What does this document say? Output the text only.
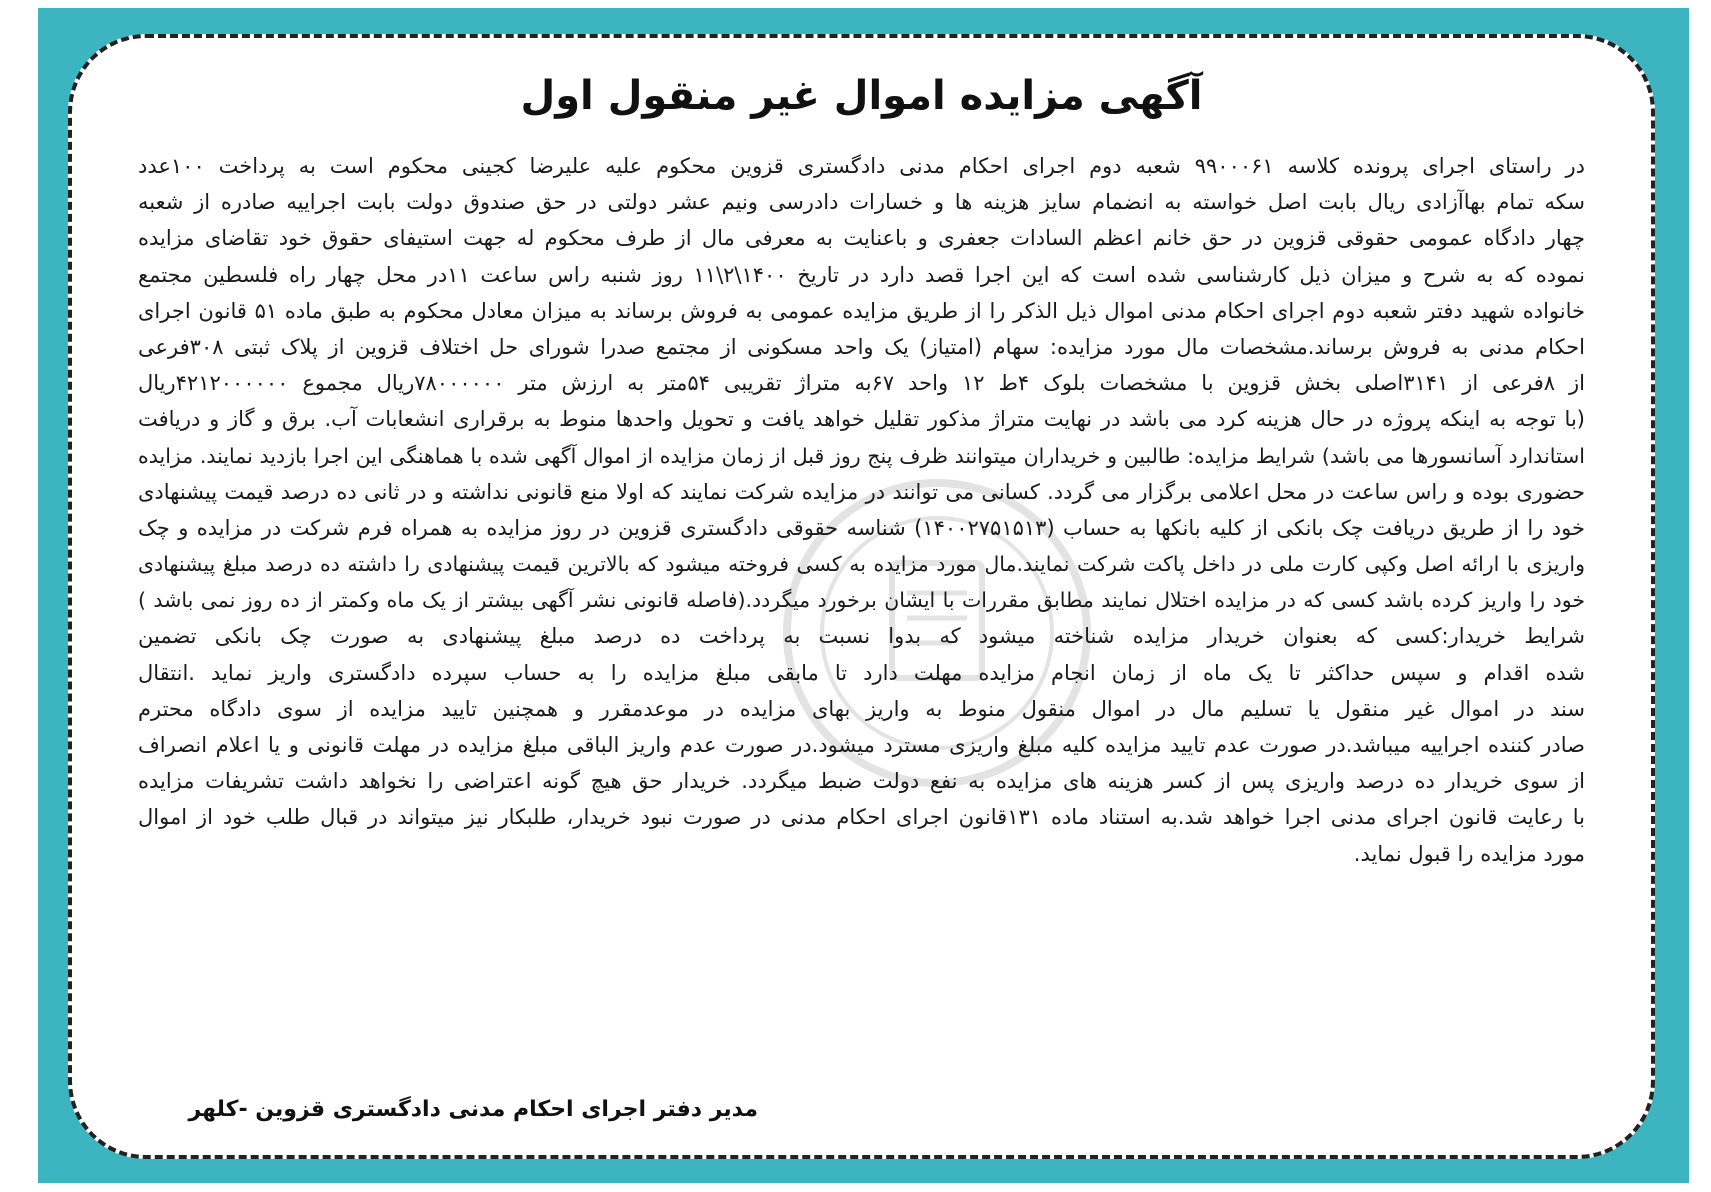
آگهی مزایده اموال غیر منقول اول
در راستای اجرای پرونده کلاسه ۹۹۰۰۰۶۱ شعبه دوم اجرای احکام مدنی دادگستری قزوین محکوم علیه علیرضا کجینی محکوم است به پرداخت ۱۰۰عدد
سکه تمام بهاآزادی ریال بابت اصل خواسته به انضمام سایز هزینه ها و خسارات دادرسی ونیم عشر دولتی در حق صندوق دولت بابت اجراییه صادره از شعبه
چهار دادگاه عمومی حقوقی قزوین در حق خانم اعظم السادات جعفری و باعنایت به معرفی مال از طرف محکوم له جهت استیفای حقوق خود تقاضای مزایده
نموده که به شرح و میزان ذیل کارشناسی شده است که این اجرا قصد دارد در تاریخ ۱۴۰۰\۲\۱۱ روز شنبه راس ساعت ۱۱در محل چهار راه فلسطین مجتمع
خانواده شهید دفتر شعبه دوم اجرای احکام مدنی اموال ذیل الذکر را از طریق مزایده عمومی به فروش برساند به میزان معادل محکوم به طبق ماده ۵۱ قانون اجرای
احکام مدنی به فروش برساند.مشخصات مال مورد مزایده: سهام (امتیاز) یک واحد مسکونی از مجتمع صدرا شورای حل اختلاف قزوین از پلاک ثبتی ۳۰۸فرعی
از ۸فرعی از ۳۱۴۱اصلی بخش قزوین با مشخصات بلوک ۴ط ۱۲ واحد ۶۷به متراژ تقریبی ۵۴متر به ارزش متر ۷۸۰۰۰۰۰۰ریال مجموع ۴۲۱۲۰۰۰۰۰۰ریال
(با توجه به اینکه پروژه در حال هزینه کرد می باشد در نهایت متراژ مذکور تقلیل خواهد یافت و تحویل واحدها منوط به برقراری انشعابات آب. برق و گاز و دریافت
استاندارد آسانسورها می باشد) شرایط مزایده: طالبین و خریداران میتوانند ظرف پنج روز قبل از زمان مزایده از اموال آگهی شده با هماهنگی این اجرا بازدید نمایند. مزایده
حضوری بوده و راس ساعت در محل اعلامی برگزار می گردد. کسانی می توانند در مزایده شرکت نمایند که اولا منع قانونی نداشته و در ثانی ده درصد قیمت پیشنهادی
خود را از طریق دریافت چک بانکی از کلیه بانکها به حساب (۱۴۰۰۲۷۵۱۵۱۳) شناسه حقوقی دادگستری قزوین در روز مزایده به همراه فرم شرکت در مزایده و چک
واریزی با ارائه اصل وکپی کارت ملی در داخل پاکت شرکت نمایند.مال مورد مزایده به کسی فروخته میشود که بالاترین قیمت پیشنهادی را داشته ده درصد مبلغ پیشنهادی
خود را واریز کرده باشد کسی که در مزایده اختلال نمایند مطابق مقررات با ایشان برخورد میگردد.(فاصله قانونی نشر آگهی بیشتر از یک ماه وکمتر از ده روز نمی باشد )
شرایط خریدار:کسی که بعنوان خریدار مزایده شناخته میشود که بدوا نسبت به پرداخت ده درصد مبلغ پیشنهادی به صورت چک بانکی تضمین
شده اقدام و سپس حداکثر تا یک ماه از زمان انجام مزایده مهلت دارد تا مابقی مبلغ مزایده را به حساب سپرده دادگستری واریز نماید .انتقال
سند در اموال غیر منقول یا تسلیم مال در اموال منقول منوط به واریز بهای مزایده در موعدمقرر و همچنین تایید مزایده از سوی دادگاه محترم
صادر کننده اجراییه میباشد.در صورت عدم تایید مزایده کلیه مبلغ واریزی مسترد میشود.در صورت عدم واریز الباقی مبلغ مزایده در مهلت قانونی و یا اعلام انصراف
از سوی خریدار ده درصد واریزی پس از کسر هزینه های مزایده به نفع دولت ضبط میگردد. خریدار حق هیچ گونه اعتراضی را نخواهد داشت تشریفات مزایده
با رعایت قانون اجرای مدنی اجرا خواهد شد.به استناد ماده ۱۳۱قانون اجرای احکام مدنی در صورت نبود خریدار، طلبکار نیز میتواند در قبال طلب خود از اموال
مورد مزایده را قبول نماید.
مدیر دفتر اجرای احکام مدنی دادگستری قزوین -کلهر
